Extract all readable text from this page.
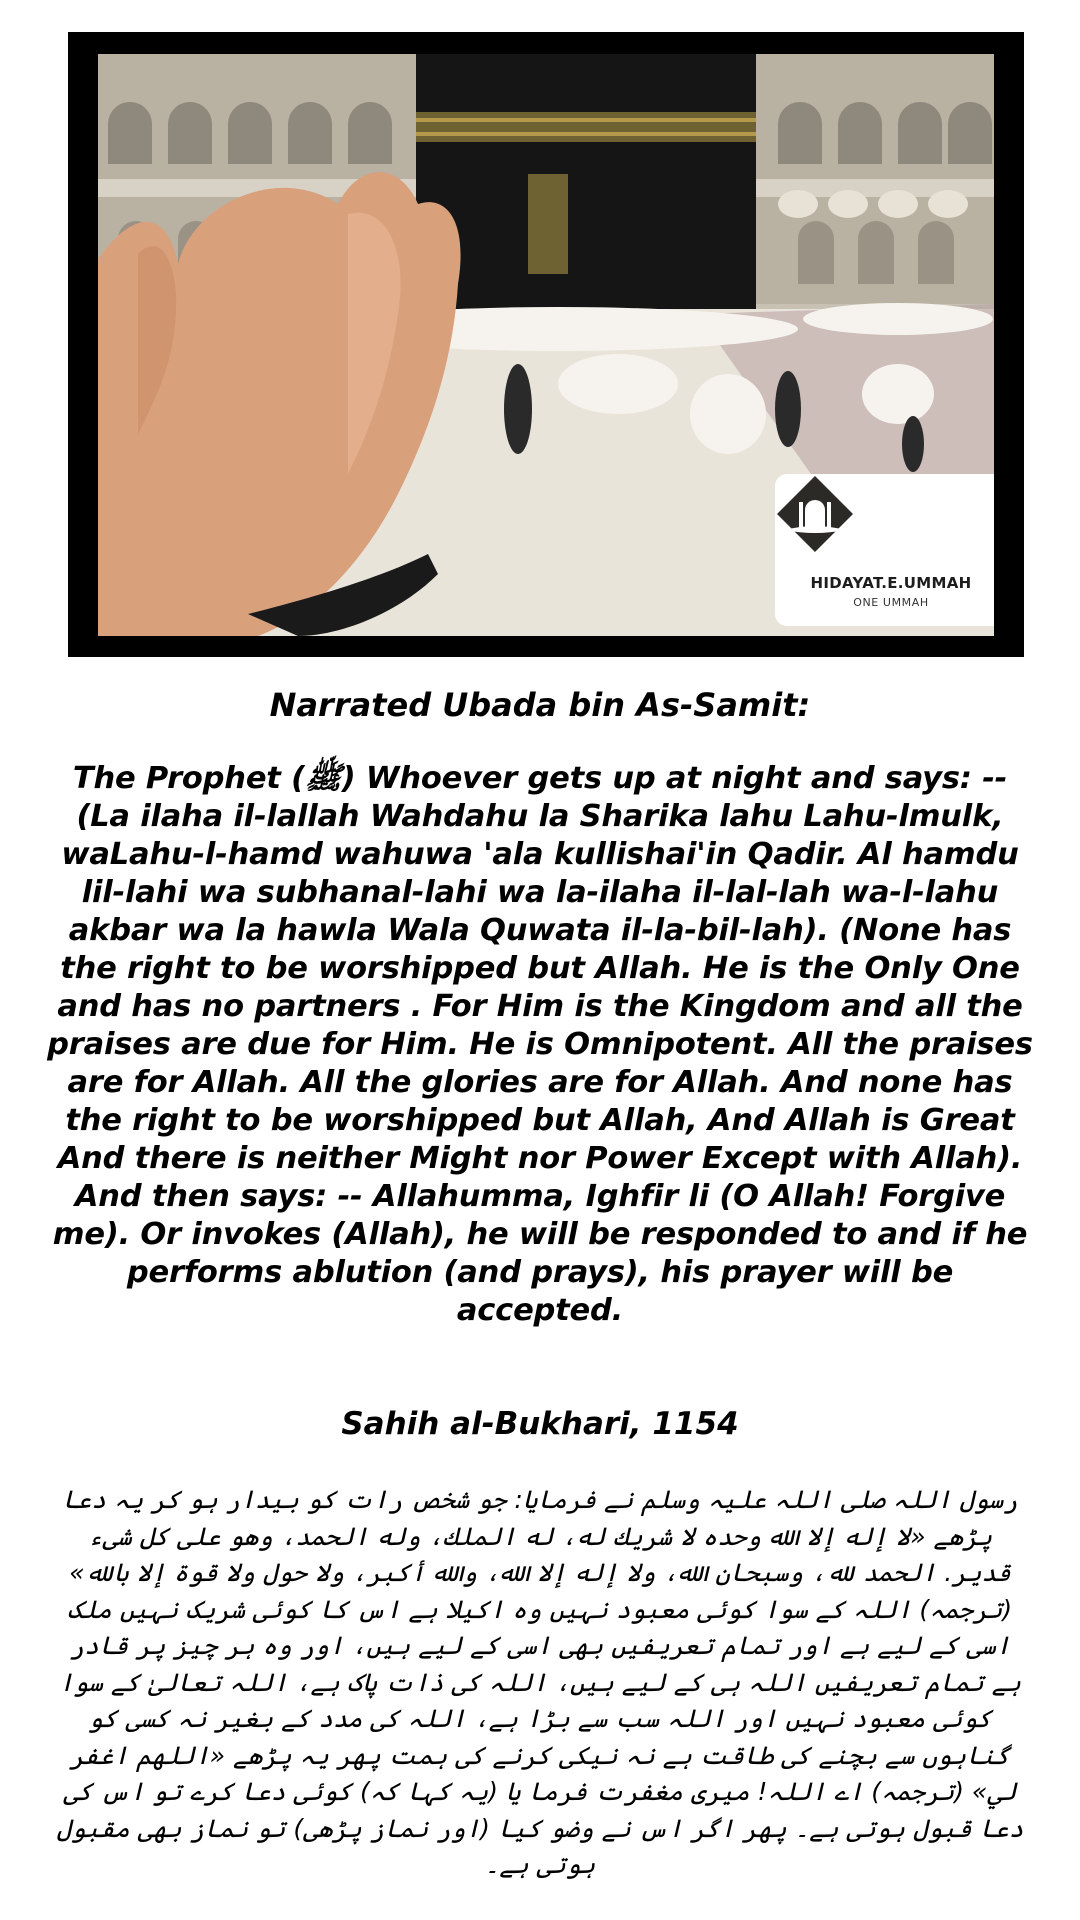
HIDAYAT.E.UMMAH
ONE UMMAH
Narrated Ubada bin As-Samit:
The Prophet (ﷺ) Whoever gets up at night and says: -- (La ilaha il-lallah Wahdahu la Sharika lahu Lahu-lmulk, waLahu-l-hamd wahuwa 'ala kullishai'in Qadir. Al hamdu lil-lahi wa subhanal-lahi wa la-ilaha il-lal-lah wa-l-lahu akbar wa la hawla Wala Quwata il-la-bil-lah). (None has the right to be worshipped but Allah. He is the Only One and has no partners . For Him is the Kingdom and all the praises are due for Him. He is Omnipotent. All the praises are for Allah. All the glories are for Allah. And none has the right to be worshipped but Allah, And Allah is Great And there is neither Might nor Power Except with Allah). And then says: -- Allahumma, Ighfir li (O Allah! Forgive me). Or invokes (Allah), he will be responded to and if he performs ablution (and prays), his prayer will be accepted.
Sahih al-Bukhari, 1154
رسول اللہ صلی اللہ علیہ وسلم نے فرمایا: جو شخص رات کو بیدار ہو کر یہ دعا پڑھے «لا إله إلا الله وحده لا شريك له، له الملك، وله الحمد، وهو على كل شىء قدير. الحمد لله، وسبحان الله، ولا إله إلا الله، والله أكبر، ولا حول ولا قوة إلا بالله» (ترجمہ) اللہ کے سوا کوئی معبود نہیں وہ اکیلا ہے اس کا کوئی شریک نہیں ملک اسی کے لیے ہے اور تمام تعریفیں بھی اسی کے لیے ہیں، اور وہ ہر چیز پر قادر ہے تمام تعریفیں اللہ ہی کے لیے ہیں، اللہ کی ذات پاک ہے، اللہ تعالیٰ کے سوا کوئی معبود نہیں اور اللہ سب سے بڑا ہے، اللہ کی مدد کے بغیر نہ کسی کو گناہوں سے بچنے کی طاقت ہے نہ نیکی کرنے کی ہمت پھر یہ پڑھے «اللهم اغفر لي» (ترجمہ) اے اللہ! میری مغفرت فرما یا (یہ کہا کہ) کوئی دعا کرے تو اس کی دعا قبول ہوتی ہے۔ پھر اگر اس نے وضو کیا (اور نماز پڑھی) تو نماز بھی مقبول ہوتی ہے۔
